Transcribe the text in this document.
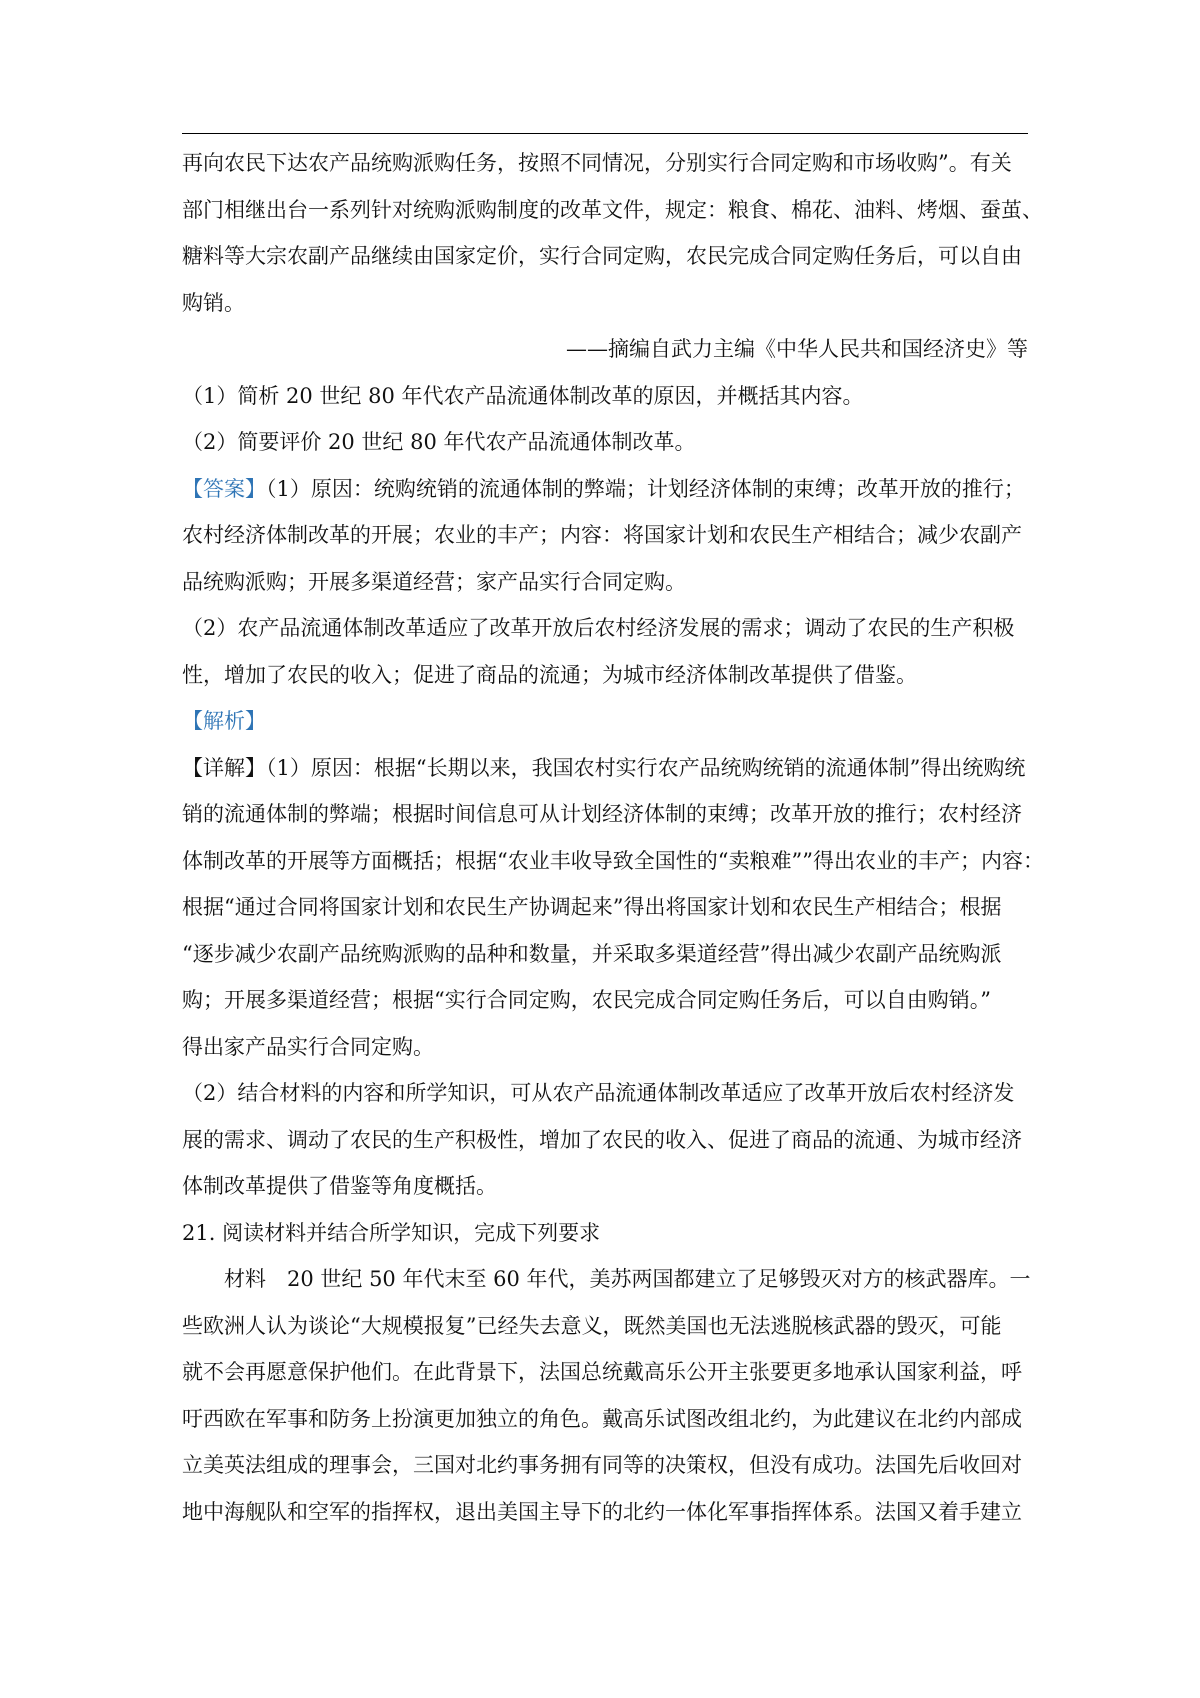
再向农民下达农产品统购派购任务，按照不同情况，分别实行合同定购和市场收购”。有关

部门相继出台一系列针对统购派购制度的改革文件，规定：粮食、棉花、油料、烤烟、蚕茧、

糖料等大宗农副产品继续由国家定价，实行合同定购，农民完成合同定购任务后，可以自由

购销。

——摘编自武力主编《中华人民共和国经济史》等

（1）简析 20 世纪 80 年代农产品流通体制改革的原因，并概括其内容。

（2）简要评价 20 世纪 80 年代农产品流通体制改革。

【答案】（1）原因：统购统销的流通体制的弊端；计划经济体制的束缚；改革开放的推行；

农村经济体制改革的开展；农业的丰产；内容：将国家计划和农民生产相结合；减少农副产

品统购派购；开展多渠道经营；家产品实行合同定购。

（2）农产品流通体制改革适应了改革开放后农村经济发展的需求；调动了农民的生产积极

性，增加了农民的收入；促进了商品的流通；为城市经济体制改革提供了借鉴。

【解析】

【详解】（1）原因：根据“长期以来，我国农村实行农产品统购统销的流通体制”得出统购统

销的流通体制的弊端；根据时间信息可从计划经济体制的束缚；改革开放的推行；农村经济

体制改革的开展等方面概括；根据“农业丰收导致全国性的“卖粮难””得出农业的丰产；内容：

根据“通过合同将国家计划和农民生产协调起来”得出将国家计划和农民生产相结合；根据

“逐步减少农副产品统购派购的品种和数量，并采取多渠道经营”得出减少农副产品统购派

购；开展多渠道经营；根据“实行合同定购，农民完成合同定购任务后，可以自由购销。”

得出家产品实行合同定购。

（2）结合材料的内容和所学知识，可从农产品流通体制改革适应了改革开放后农村经济发

展的需求、调动了农民的生产积极性，增加了农民的收入、促进了商品的流通、为城市经济

体制改革提供了借鉴等角度概括。

21. 阅读材料并结合所学知识，完成下列要求

材料　20 世纪 50 年代末至 60 年代，美苏两国都建立了足够毁灭对方的核武器库。一

些欧洲人认为谈论“大规模报复”已经失去意义，既然美国也无法逃脱核武器的毁灭，可能

就不会再愿意保护他们。在此背景下，法国总统戴高乐公开主张要更多地承认国家利益，呼

吁西欧在军事和防务上扮演更加独立的角色。戴高乐试图改组北约，为此建议在北约内部成

立美英法组成的理事会，三国对北约事务拥有同等的决策权，但没有成功。法国先后收回对

地中海舰队和空军的指挥权，退出美国主导下的北约一体化军事指挥体系。法国又着手建立
